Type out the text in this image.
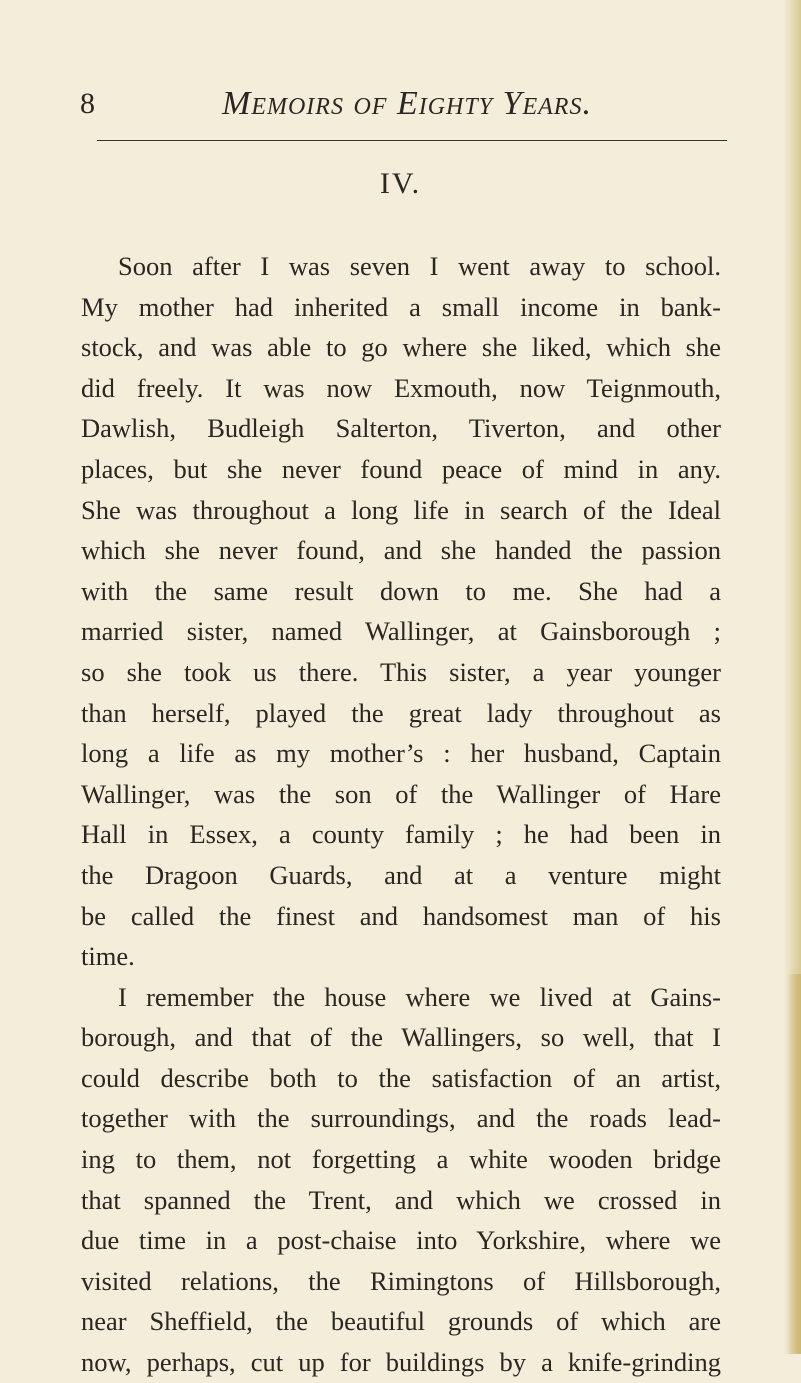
8	Memoirs of Eighty Years.
IV.
Soon after I was seven I went away to school.
My mother had inherited a small income in bank-
stock, and was able to go where she liked, which she
did freely. It was now Exmouth, now Teignmouth,
Dawlish, Budleigh Salterton, Tiverton, and other
places, but she never found peace of mind in any.
She was throughout a long life in search of the Ideal
which she never found, and she handed the passion
with the same result down to me. She had a
married sister, named Wallinger, at Gainsborough ;
so she took us there. This sister, a year younger
than herself, played the great lady throughout as
long a life as my mother’s : her husband, Captain
Wallinger, was the son of the Wallinger of Hare
Hall in Essex, a county family ; he had been in
the Dragoon Guards, and at a venture might
be called the finest and handsomest man of his
time.
I remember the house where we lived at Gains-
borough, and that of the Wallingers, so well, that I
could describe both to the satisfaction of an artist,
together with the surroundings, and the roads lead-
ing to them, not forgetting a white wooden bridge
that spanned the Trent, and which we crossed in
due time in a post-chaise into Yorkshire, where we
visited relations, the Rimingtons of Hillsborough,
near Sheffield, the beautiful grounds of which are
now, perhaps, cut up for buildings by a knife-grinding
